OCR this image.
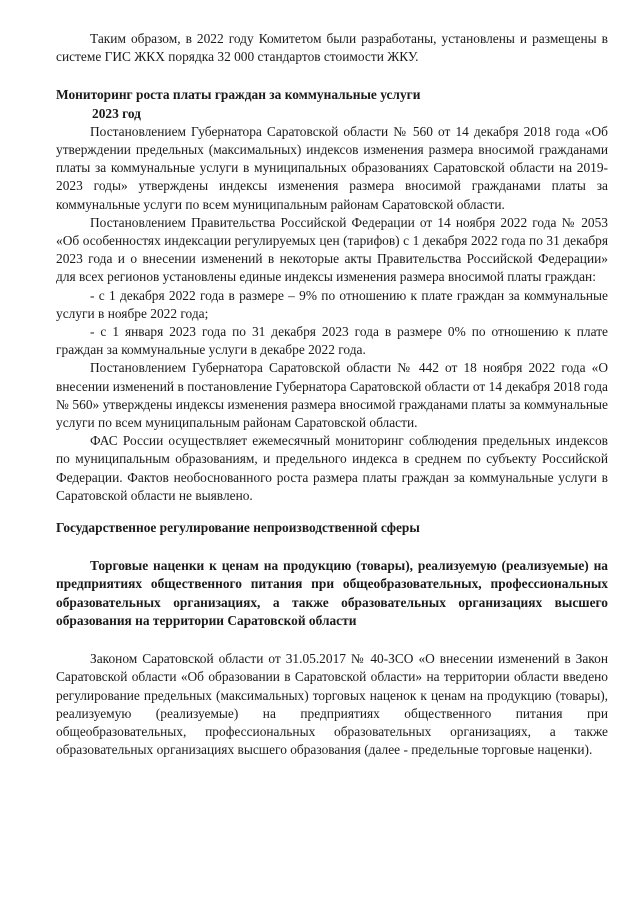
Таким образом, в 2022 году Комитетом были разработаны, установлены и размещены в системе ГИС ЖКХ порядка 32 000 стандартов стоимости ЖКУ.

Мониторинг роста платы граждан за коммунальные услуги
2023 год

Постановлением Губернатора Саратовской области № 560 от 14 декабря 2018 года «Об утверждении предельных (максимальных) индексов изменения размера вносимой гражданами платы за коммунальные услуги в муниципальных образованиях Саратовской области на 2019-2023 годы» утверждены индексы изменения размера вносимой гражданами платы за коммунальные услуги по всем муниципальным районам Саратовской области.

Постановлением Правительства Российской Федерации от 14 ноября 2022 года № 2053 «Об особенностях индексации регулируемых цен (тарифов) с 1 декабря 2022 года по 31 декабря 2023 года и о внесении изменений в некоторые акты Правительства Российской Федерации» для всех регионов установлены единые индексы изменения размера вносимой платы граждан:

- с 1 декабря 2022 года в размере – 9% по отношению к плате граждан за коммунальные услуги в ноябре 2022 года;

- с 1 января 2023 года по 31 декабря 2023 года в размере 0% по отношению к плате граждан за коммунальные услуги в декабре 2022 года.

Постановлением Губернатора Саратовской области № 442 от 18 ноября 2022 года «О внесении изменений в постановление Губернатора Саратовской области от 14 декабря 2018 года № 560» утверждены индексы изменения размера вносимой гражданами платы за коммунальные услуги по всем муниципальным районам Саратовской области.

ФАС России осуществляет ежемесячный мониторинг соблюдения предельных индексов по муниципальным образованиям, и предельного индекса в среднем по субъекту Российской Федерации. Фактов необоснованного роста размера платы граждан за коммунальные услуги в Саратовской области не выявлено.

Государственное регулирование непроизводственной сферы
Торговые наценки к ценам на продукцию (товары), реализуемую (реализуемые) на предприятиях общественного питания при общеобразовательных, профессиональных образовательных организациях, а также образовательных организациях высшего образования на территории Саратовской области

Законом Саратовской области от 31.05.2017 № 40-ЗСО «О внесении изменений в Закон Саратовской области «Об образовании в Саратовской области» на территории области введено регулирование предельных (максимальных) торговых наценок к ценам на продукцию (товары), реализуемую (реализуемые) на предприятиях общественного питания при общеобразовательных, профессиональных образовательных организациях, а также образовательных организациях высшего образования (далее - предельные торговые наценки).
